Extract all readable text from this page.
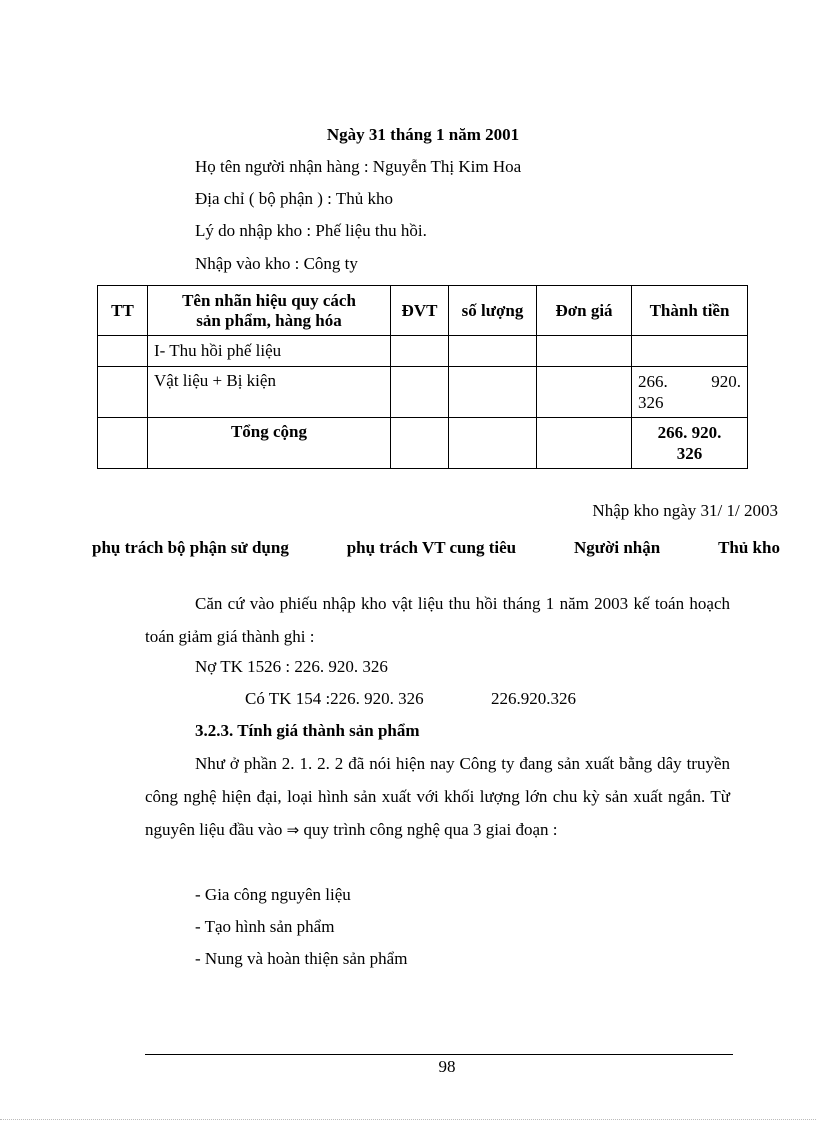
Ngày 31 tháng 1 năm 2001
Họ tên người nhận hàng : Nguyễn Thị Kim Hoa
Địa chỉ ( bộ phận ) : Thủ kho
Lý do nhập kho : Phế liệu thu hồi.
Nhập vào kho : Công ty
TT	Tên nhãn hiệu quy cách
sản phẩm, hàng hóa	ĐVT	số lượng	Đơn giá	Thành tiền
	I- Thu hồi phế liệu				
	Vật liệu + Bị kiện				266. 920.
326

	Tổng cộng				266. 920.
326
Nhập kho ngày 31/ 1/ 2003
phụ trách bộ phận sử dụng	phụ trách VT cung tiêu	Người nhận	Thủ kho
Căn cứ vào phiếu nhập kho vật liệu thu hồi tháng 1 năm 2003 kế toán hoạch toán giảm giá thành ghi :
Nợ TK 1526 : 226. 920. 326
Có TK 154 :226. 920. 326	226.920.326
3.2.3. Tính giá thành sản phẩm
Như ở phần 2. 1. 2. 2 đã nói hiện nay Công ty đang sản xuất bằng dây truyền công nghệ hiện đại, loại hình sản xuất với khối lượng lớn chu kỳ sản xuất ngắn. Từ nguyên liệu đầu vào ⇒ quy trình công nghệ qua 3 giai đoạn :
- Gia công nguyên liệu
- Tạo hình sản phẩm
- Nung và hoàn thiện sản phẩm
98
